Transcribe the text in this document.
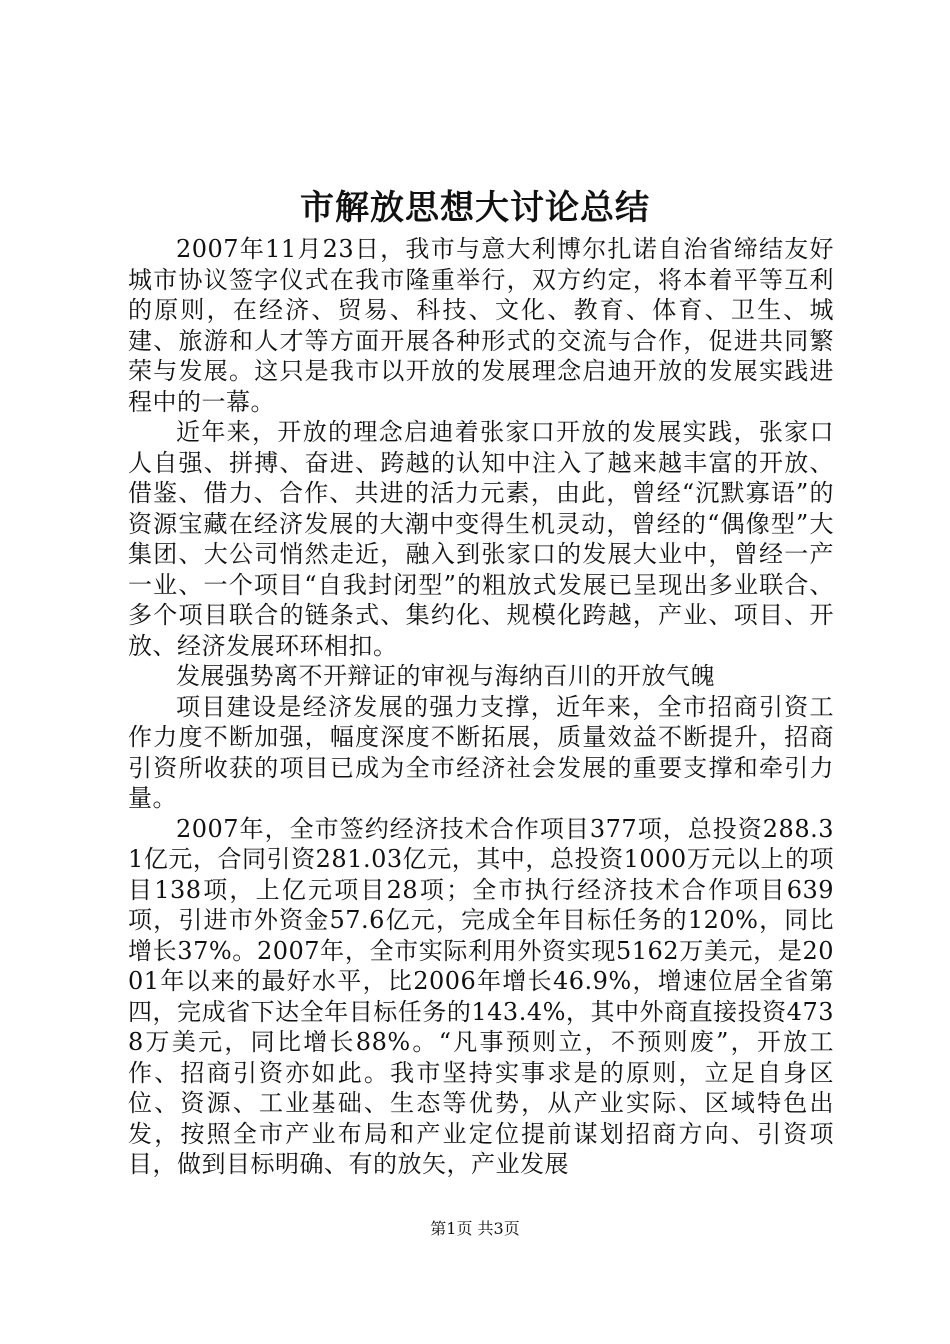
市解放思想大讨论总结

2007年11月23日，我市与意大利博尔扎诺自治省缔结友好城市协议签字仪式在我市隆重举行，双方约定，将本着平等互利的原则，在经济、贸易、科技、文化、教育、体育、卫生、城建、旅游和人才等方面开展各种形式的交流与合作，促进共同繁荣与发展。这只是我市以开放的发展理念启迪开放的发展实践进程中的一幕。

近年来，开放的理念启迪着张家口开放的发展实践，张家口人自强、拼搏、奋进、跨越的认知中注入了越来越丰富的开放、借鉴、借力、合作、共进的活力元素，由此，曾经“沉默寡语”的资源宝藏在经济发展的大潮中变得生机灵动，曾经的“偶像型”大集团、大公司悄然走近，融入到张家口的发展大业中，曾经一产一业、一个项目“自我封闭型”的粗放式发展已呈现出多业联合、多个项目联合的链条式、集约化、规模化跨越，产业、项目、开放、经济发展环环相扣。

发展强势离不开辩证的审视与海纳百川的开放气魄

项目建设是经济发展的强力支撑，近年来，全市招商引资工作力度不断加强，幅度深度不断拓展，质量效益不断提升，招商引资所收获的项目已成为全市经济社会发展的重要支撑和牵引力量。

2007年，全市签约经济技术合作项目377项，总投资288.31亿元，合同引资281.03亿元，其中，总投资1000万元以上的项目138项，上亿元项目28项；全市执行经济技术合作项目639项，引进市外资金57.6亿元，完成全年目标任务的120%，同比增长37%。2007年，全市实际利用外资实现5162万美元，是2001年以来的最好水平，比2006年增长46.9%，增速位居全省第四，完成省下达全年目标任务的143.4%，其中外商直接投资4738万美元，同比增长88%。“凡事预则立，不预则废”，开放工作、招商引资亦如此。我市坚持实事求是的原则，立足自身区位、资源、工业基础、生态等优势，从产业实际、区域特色出发，按照全市产业布局和产业定位提前谋划招商方向、引资项目，做到目标明确、有的放矢，产业发展

第1页 共3页
